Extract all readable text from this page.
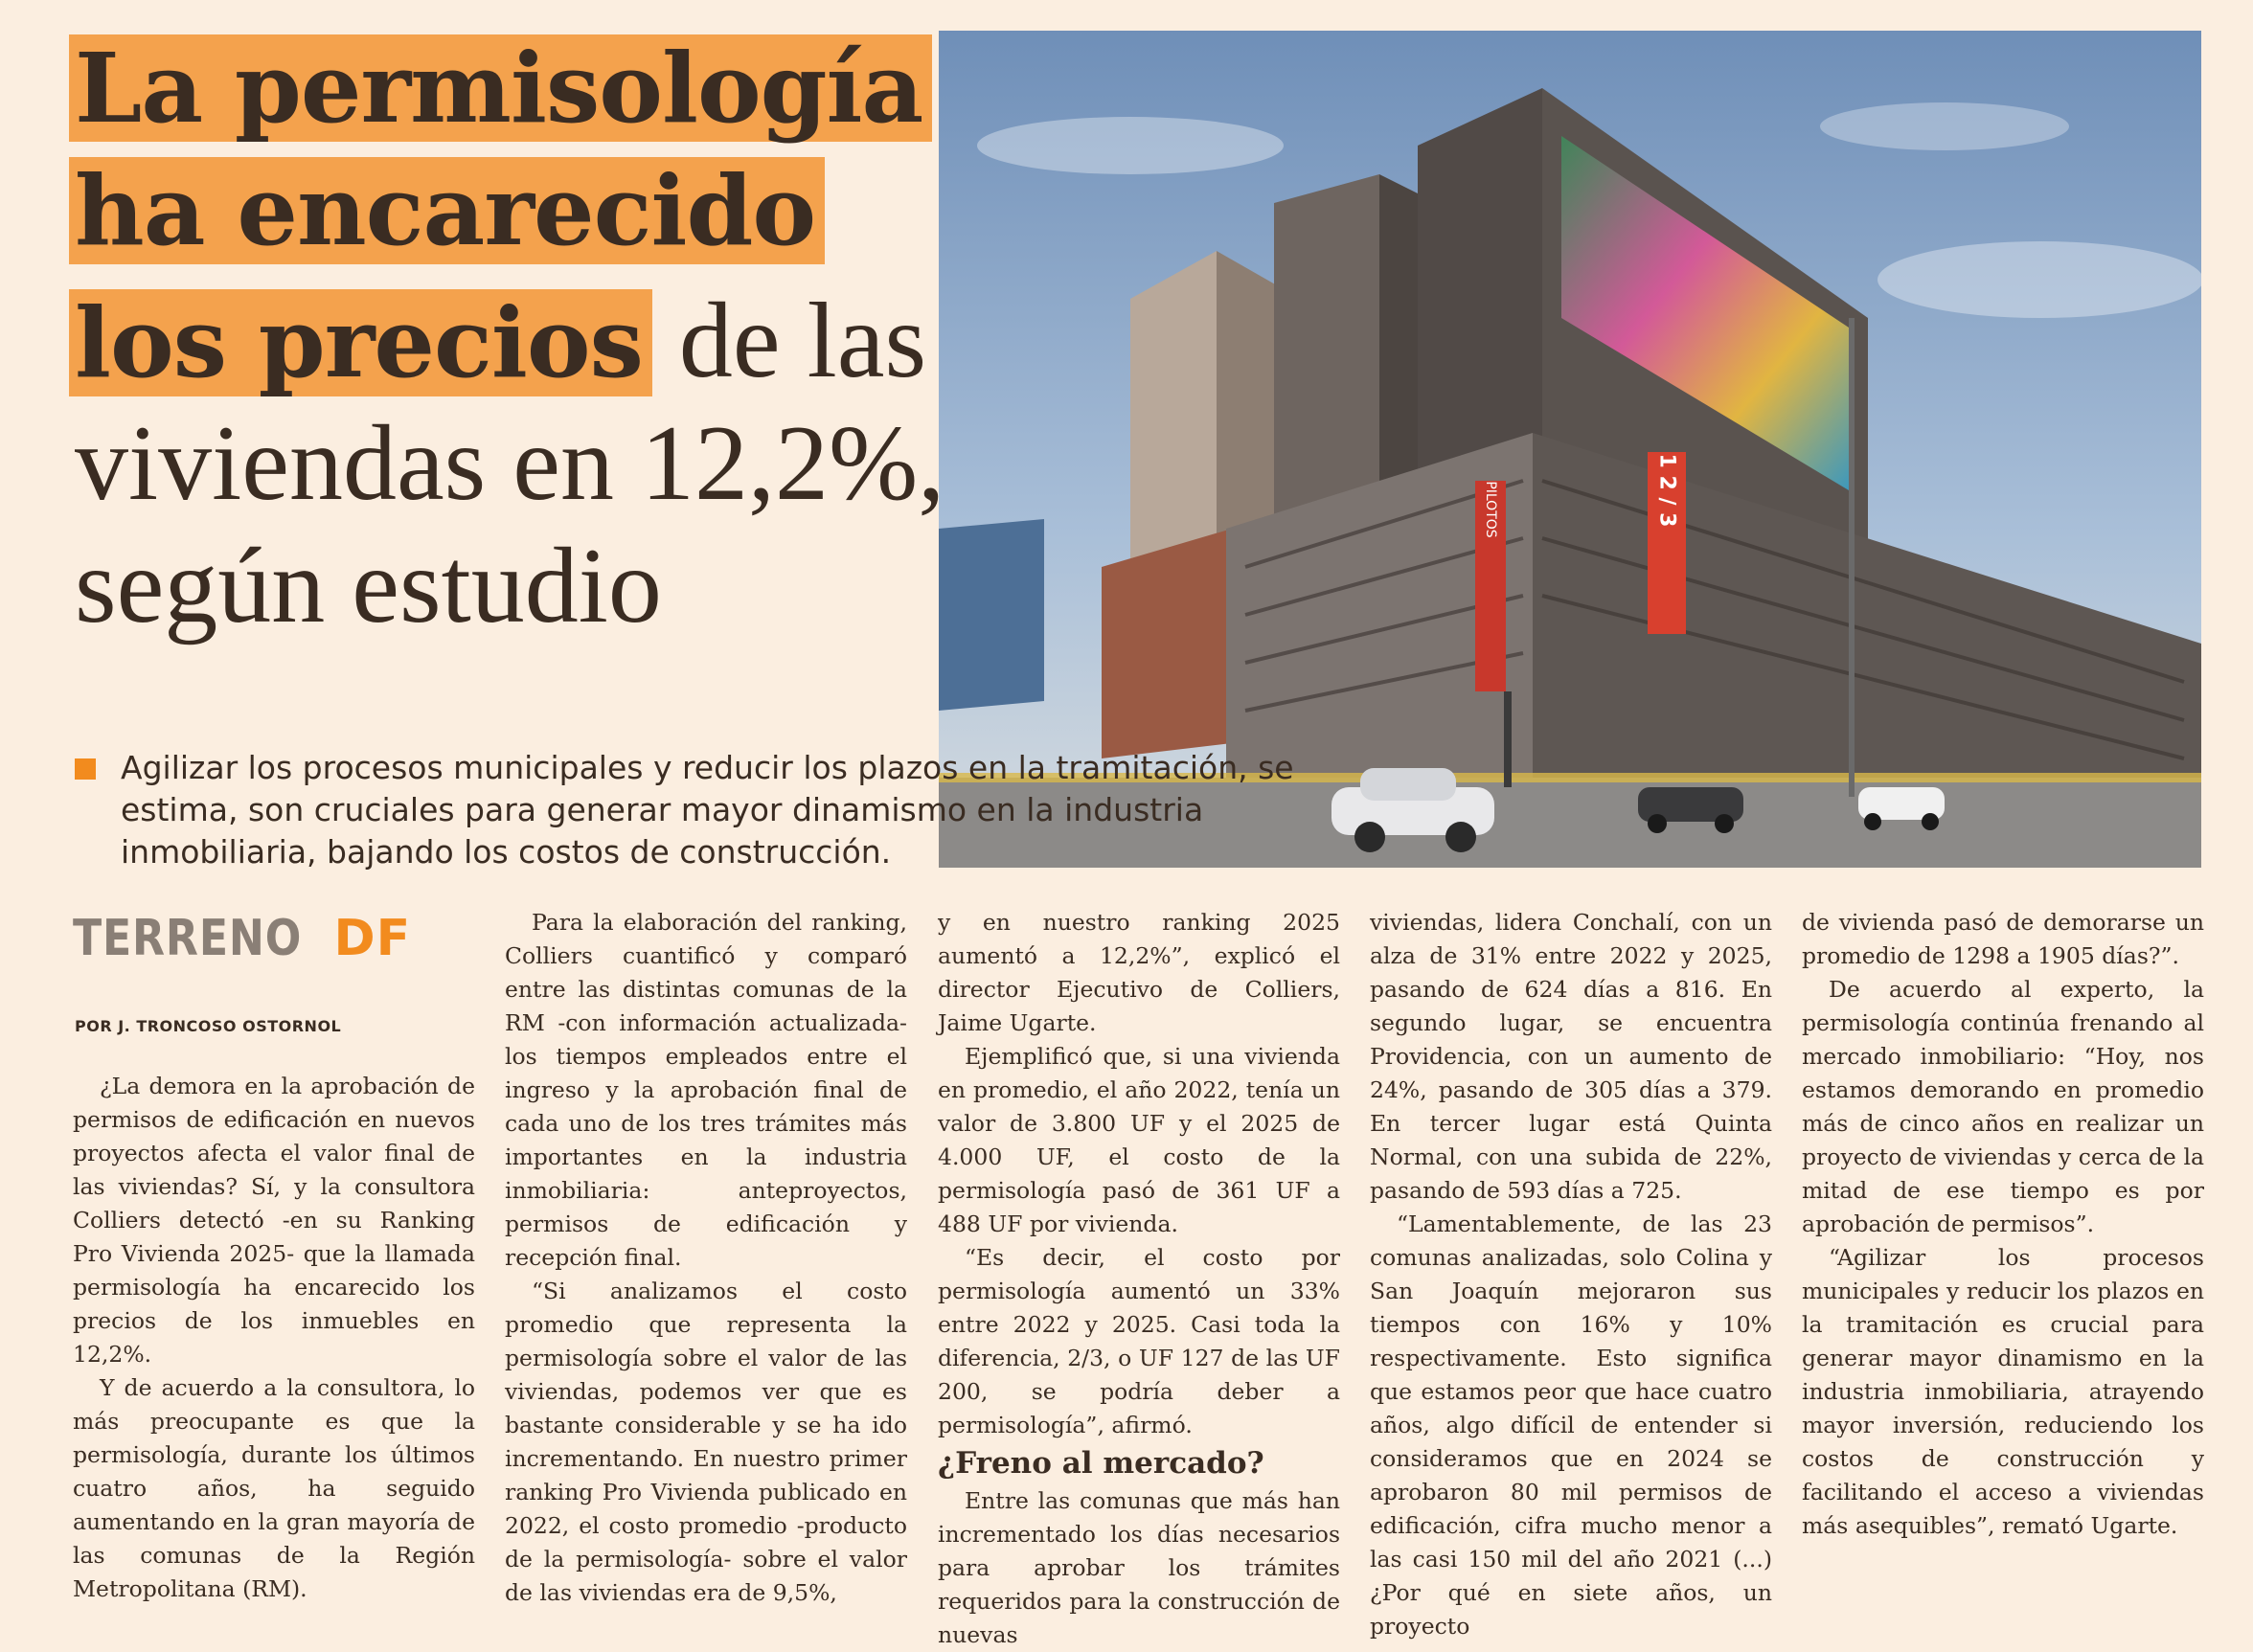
PILOTOS	1 2 / 3
La permisología
ha encarecido
los precios de las
viviendas en 12,2%,
según estudio
Agilizar los procesos municipales y reducir los plazos en la tramitación, se estima, son cruciales para generar mayor dinamismo en la industria inmobiliaria, bajando los costos de construcción.
TERRENO DF
POR J. TRONCOSO OSTORNOL

¿La demora en la aprobación de permisos de edificación en nuevos proyectos afecta el valor final de las viviendas? Sí, y la consultora Colliers detectó -en su Ranking Pro Vivienda 2025- que la llamada permisología ha encarecido los precios de los inmuebles en 12,2%.

Y de acuerdo a la consultora, lo más preocupante es que la permisología, durante los últimos cuatro años, ha seguido aumentando en la gran mayoría de las comunas de la Región Metropolitana (RM).

Para la elaboración del ranking, Colliers cuantificó y comparó entre las distintas comunas de la RM -con información actualizada- los tiempos empleados entre el ingreso y la aprobación final de cada uno de los tres trámites más importantes en la industria inmobiliaria: anteproyectos, permisos de edificación y recepción final.

“Si analizamos el costo promedio que representa la permisología sobre el valor de las viviendas, podemos ver que es bastante considerable y se ha ido incrementando. En nuestro primer ranking Pro Vivienda publicado en 2022, el costo promedio -producto de la permisología- sobre el valor de las viviendas era de 9,5%,

y en nuestro ranking 2025 aumentó a 12,2%”, explicó el director Ejecutivo de Colliers, Jaime Ugarte.

Ejemplificó que, si una vivienda en promedio, el año 2022, tenía un valor de 3.800 UF y el 2025 de 4.000 UF, el costo de la permisología pasó de 361 UF a 488 UF por vivienda.

“Es decir, el costo por permisología aumentó un 33% entre 2022 y 2025. Casi toda la diferencia, 2/3, o UF 127 de las UF 200, se podría deber a permisología”, afirmó.

¿Freno al mercado?

Entre las comunas que más han incrementado los días necesarios para aprobar los trámites requeridos para la construcción de nuevas

viviendas, lidera Conchalí, con un alza de 31% entre 2022 y 2025, pasando de 624 días a 816. En segundo lugar, se encuentra Providencia, con un aumento de 24%, pasando de 305 días a 379. En tercer lugar está Quinta Normal, con una subida de 22%, pasando de 593 días a 725.

“Lamentablemente, de las 23 comunas analizadas, solo Colina y San Joaquín mejoraron sus tiempos con 16% y 10% respectivamente. Esto significa que estamos peor que hace cuatro años, algo difícil de entender si consideramos que en 2024 se aprobaron 80 mil permisos de edificación, cifra mucho menor a las casi 150 mil del año 2021 (...) ¿Por qué en siete años, un proyecto

de vivienda pasó de demorarse un promedio de 1298 a 1905 días?”.

De acuerdo al experto, la permisología continúa frenando al mercado inmobiliario: “Hoy, nos estamos demorando en promedio más de cinco años en realizar un proyecto de viviendas y cerca de la mitad de ese tiempo es por aprobación de permisos”.

“Agilizar los procesos municipales y reducir los plazos en la tramitación es crucial para generar mayor dinamismo en la industria inmobiliaria, atrayendo mayor inversión, reduciendo los costos de construcción y facilitando el acceso a viviendas más asequibles”, remató Ugarte.
